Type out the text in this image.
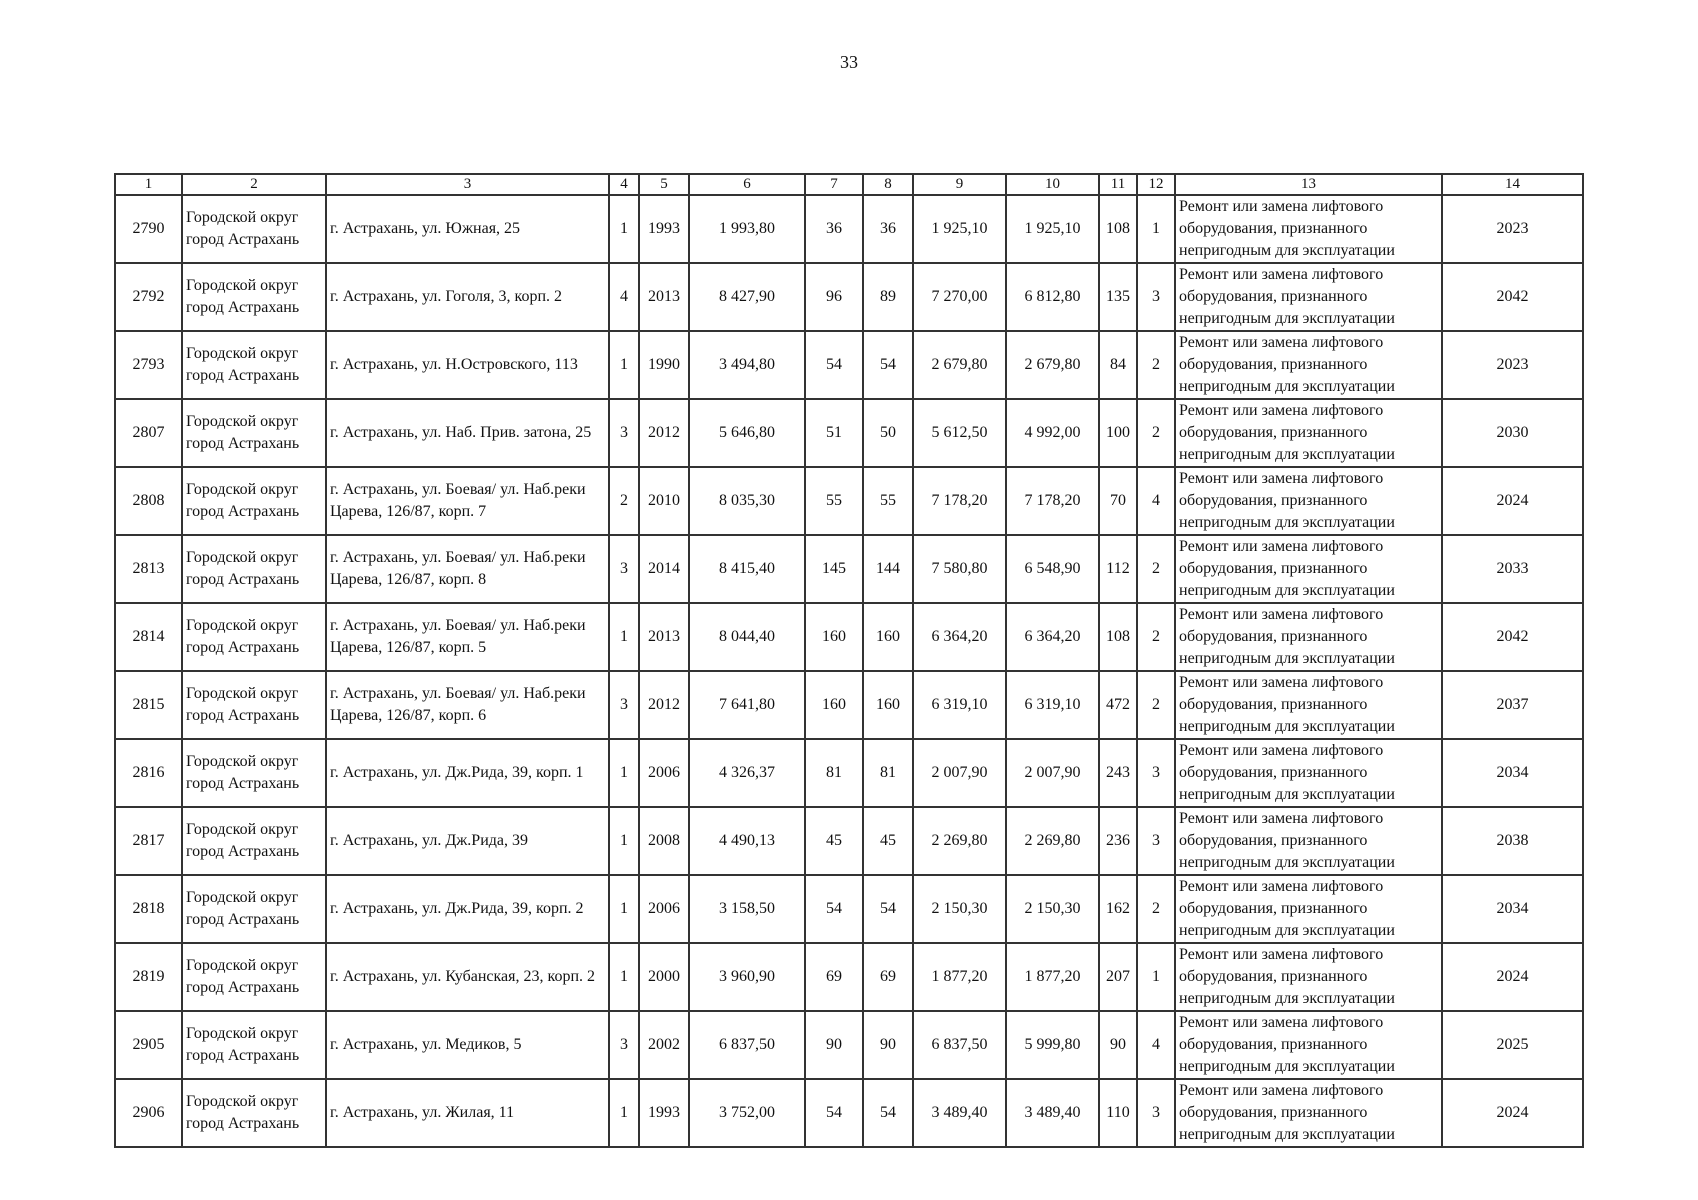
33
1	2	3	4	5	6	7	8	9	10	11	12	13	14
2790	Городской округ город Астрахань	г. Астрахань, ул. Южная, 25	1	1993	1 993,80	36	36	1 925,10	1 925,10	108	1	Ремонт или замена лифтового оборудования, признанного непригодным для эксплуатации	2023
2792	Городской округ город Астрахань	г. Астрахань, ул. Гоголя, 3, корп. 2	4	2013	8 427,90	96	89	7 270,00	6 812,80	135	3	Ремонт или замена лифтового оборудования, признанного непригодным для эксплуатации	2042
2793	Городской округ город Астрахань	г. Астрахань, ул. Н.Островского, 113	1	1990	3 494,80	54	54	2 679,80	2 679,80	84	2	Ремонт или замена лифтового оборудования, признанного непригодным для эксплуатации	2023
2807	Городской округ город Астрахань	г. Астрахань, ул. Наб. Прив. затона, 25	3	2012	5 646,80	51	50	5 612,50	4 992,00	100	2	Ремонт или замена лифтового оборудования, признанного непригодным для эксплуатации	2030
2808	Городской округ город Астрахань	г. Астрахань, ул. Боевая/ ул. Наб.реки Царева, 126/87, корп. 7	2	2010	8 035,30	55	55	7 178,20	7 178,20	70	4	Ремонт или замена лифтового оборудования, признанного непригодным для эксплуатации	2024
2813	Городской округ город Астрахань	г. Астрахань, ул. Боевая/ ул. Наб.реки Царева, 126/87, корп. 8	3	2014	8 415,40	145	144	7 580,80	6 548,90	112	2	Ремонт или замена лифтового оборудования, признанного непригодным для эксплуатации	2033
2814	Городской округ город Астрахань	г. Астрахань, ул. Боевая/ ул. Наб.реки Царева, 126/87, корп. 5	1	2013	8 044,40	160	160	6 364,20	6 364,20	108	2	Ремонт или замена лифтового оборудования, признанного непригодным для эксплуатации	2042
2815	Городской округ город Астрахань	г. Астрахань, ул. Боевая/ ул. Наб.реки Царева, 126/87, корп. 6	3	2012	7 641,80	160	160	6 319,10	6 319,10	472	2	Ремонт или замена лифтового оборудования, признанного непригодным для эксплуатации	2037
2816	Городской округ город Астрахань	г. Астрахань, ул. Дж.Рида, 39, корп. 1	1	2006	4 326,37	81	81	2 007,90	2 007,90	243	3	Ремонт или замена лифтового оборудования, признанного непригодным для эксплуатации	2034
2817	Городской округ город Астрахань	г. Астрахань, ул. Дж.Рида, 39	1	2008	4 490,13	45	45	2 269,80	2 269,80	236	3	Ремонт или замена лифтового оборудования, признанного непригодным для эксплуатации	2038
2818	Городской округ город Астрахань	г. Астрахань, ул. Дж.Рида, 39, корп. 2	1	2006	3 158,50	54	54	2 150,30	2 150,30	162	2	Ремонт или замена лифтового оборудования, признанного непригодным для эксплуатации	2034
2819	Городской округ город Астрахань	г. Астрахань, ул. Кубанская, 23, корп. 2	1	2000	3 960,90	69	69	1 877,20	1 877,20	207	1	Ремонт или замена лифтового оборудования, признанного непригодным для эксплуатации	2024
2905	Городской округ город Астрахань	г. Астрахань, ул. Медиков, 5	3	2002	6 837,50	90	90	6 837,50	5 999,80	90	4	Ремонт или замена лифтового оборудования, признанного непригодным для эксплуатации	2025
2906	Городской округ город Астрахань	г. Астрахань, ул. Жилая, 11	1	1993	3 752,00	54	54	3 489,40	3 489,40	110	3	Ремонт или замена лифтового оборудования, признанного непригодным для эксплуатации	2024
